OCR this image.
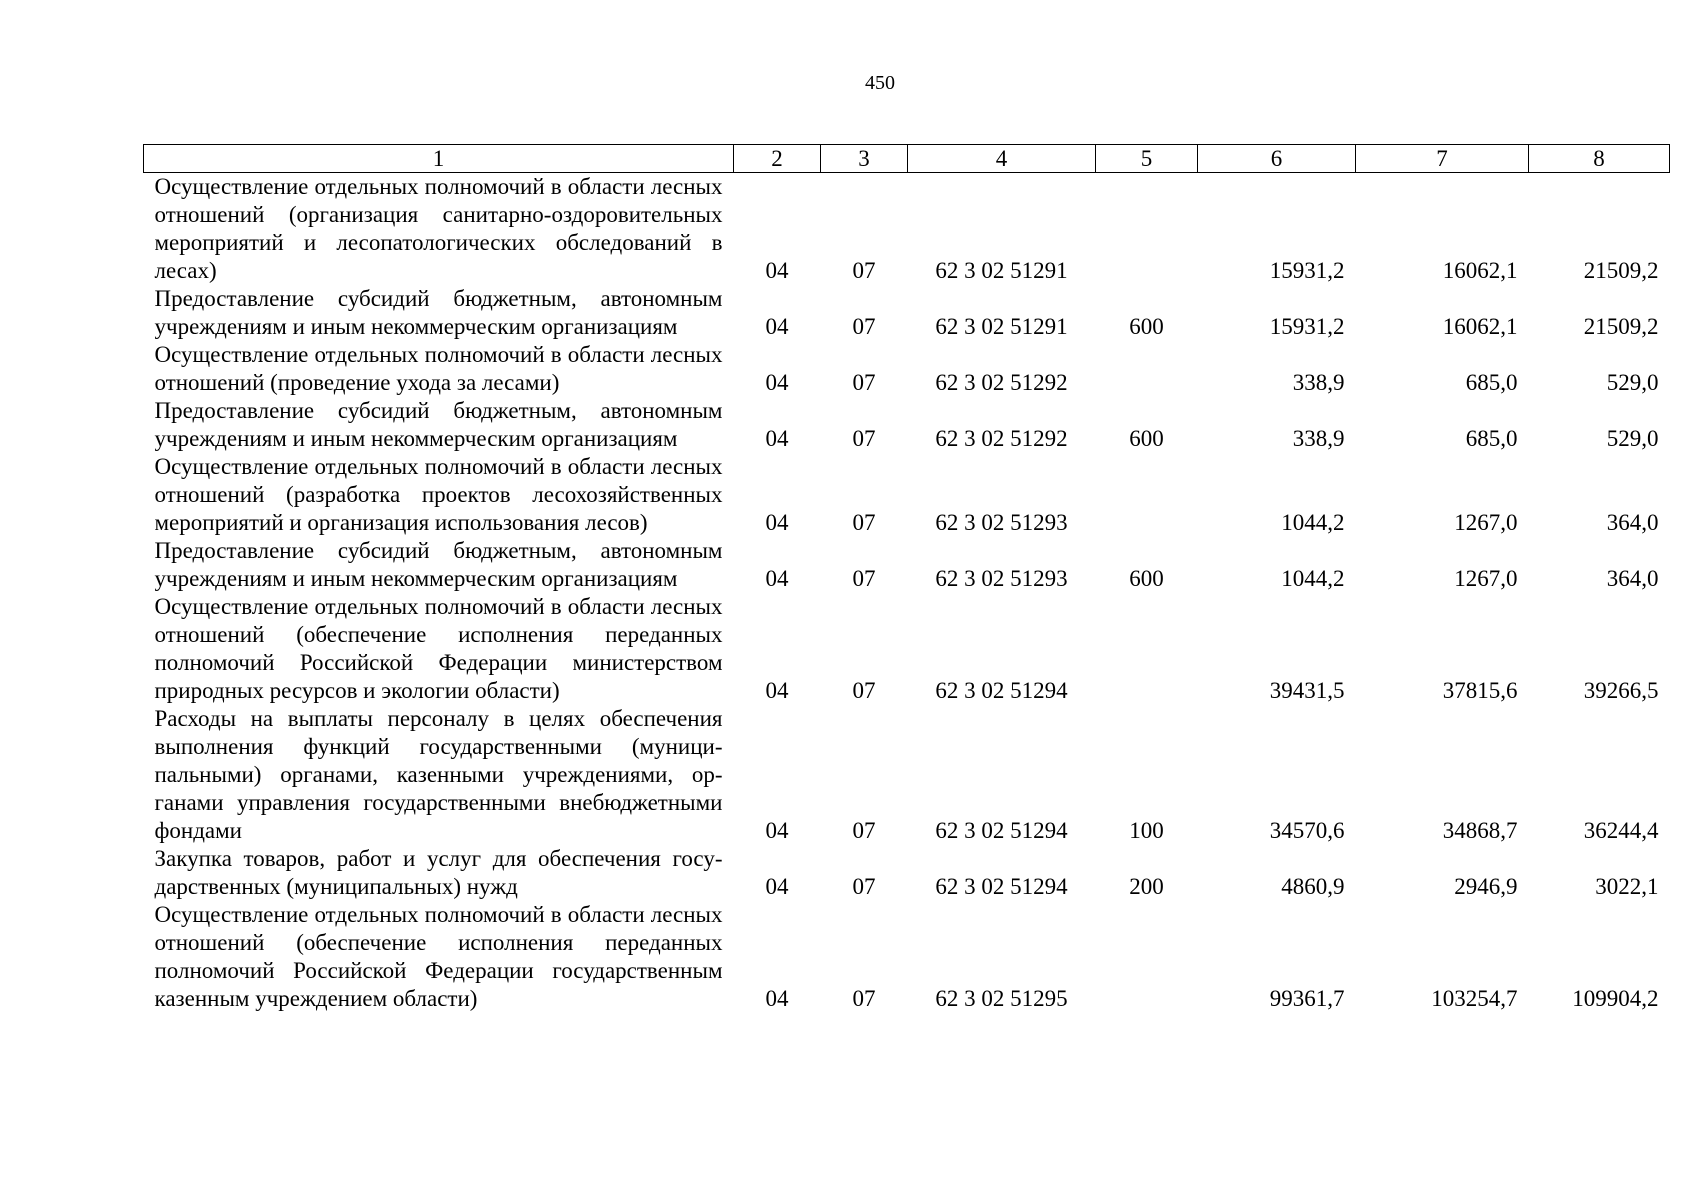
450
1	2	3	4	5	6	7	8
Осуществление отдельных полномочий в области лесных отношений (организация санитарно-оздоровительных мероприятий и лесопатологических обследований в лесах)	04	07	62 3 02 51291		15931,2	16062,1	21509,2
Предоставление субсидий бюджетным, автономным учреждениям и иным некоммерческим организациям	04	07	62 3 02 51291	600	15931,2	16062,1	21509,2
Осуществление отдельных полномочий в области лесных отношений (проведение ухода за лесами)	04	07	62 3 02 51292		338,9	685,0	529,0
Предоставление субсидий бюджетным, автономным учреждениям и иным некоммерческим организациям	04	07	62 3 02 51292	600	338,9	685,0	529,0
Осуществление отдельных полномочий в области лесных отношений (разработка проектов лесохозяйственных мероприятий и организация использования лесов)	04	07	62 3 02 51293		1044,2	1267,0	364,0
Предоставление субсидий бюджетным, автономным учреждениям и иным некоммерческим организациям	04	07	62 3 02 51293	600	1044,2	1267,0	364,0
Осуществление отдельных полномочий в области лесных отношений (обеспечение исполнения переданных полномочий Российской Федерации министерством природных ресурсов и экологии области)	04	07	62 3 02 51294		39431,5	37815,6	39266,5
Расходы на выплаты персоналу в целях обеспечения выполнения функций государственными (муниципальными) органами, казенными учреждениями, органами управления государственными внебюджетными фондами	04	07	62 3 02 51294	100	34570,6	34868,7	36244,4
Закупка товаров, работ и услуг для обеспечения государственных (муниципальных) нужд	04	07	62 3 02 51294	200	4860,9	2946,9	3022,1
Осуществление отдельных полномочий в области лесных отношений (обеспечение исполнения переданных полномочий Российской Федерации государственным казенным учреждением области)	04	07	62 3 02 51295		99361,7	103254,7	109904,2
